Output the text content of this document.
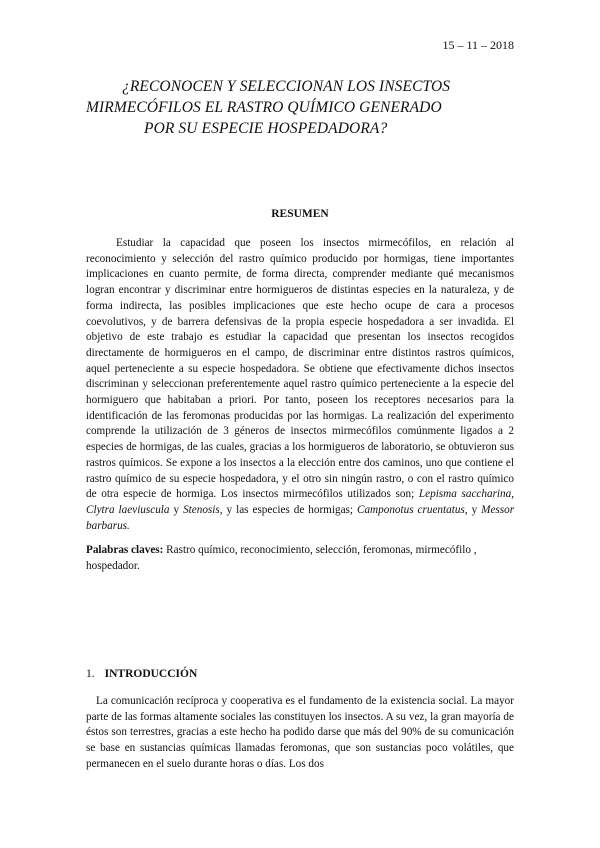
15 – 11 – 2018
¿RECONOCEN Y SELECCIONAN LOS INSECTOS
MIRMECÓFILOS EL RASTRO QUÍMICO GENERADO
POR SU ESPECIE HOSPEDADORA?
RESUMEN

Estudiar la capacidad que poseen los insectos mirmecófilos, en relación al reconocimiento y selección del rastro químico producido por hormigas, tiene importantes implicaciones en cuanto permite, de forma directa, comprender mediante qué mecanismos logran encontrar y discriminar entre hormigueros de distintas especies en la naturaleza, y de forma indirecta, las posibles implicaciones que este hecho ocupe de cara a procesos coevolutivos, y de barrera defensivas de la propia especie hospedadora a ser invadida. El objetivo de este trabajo es estudiar la capacidad que presentan los insectos recogidos directamente de hormigueros en el campo, de discriminar entre distintos rastros químicos, aquel perteneciente a su especie hospedadora. Se obtiene que efectivamente dichos insectos discriminan y seleccionan preferentemente aquel rastro químico perteneciente a la especie del hormiguero que habitaban a priori. Por tanto, poseen los receptores necesarios para la identificación de las feromonas producidas por las hormigas. La realización del experimento comprende la utilización de 3 géneros de insectos mirmecófilos comúnmente ligados a 2 especies de hormigas, de las cuales, gracias a los hormigueros de laboratorio, se obtuvieron sus rastros químicos. Se expone a los insectos a la elección entre dos caminos, uno que contiene el rastro químico de su especie hospedadora, y el otro sin ningún rastro, o con el rastro químico de otra especie de hormiga. Los insectos mirmecófilos utilizados son; Lepisma saccharina, Clytra laeviuscula y Stenosis, y las especies de hormigas; Camponotus cruentatus, y Messor barbarus.

Palabras claves: Rastro químico, reconocimiento, selección, feromonas, mirmecófilo , hospedador.

1. INTRODUCCIÓN

La comunicación recíproca y cooperativa es el fundamento de la existencia social. La mayor parte de las formas altamente sociales las constituyen los insectos. A su vez, la gran mayoría de éstos son terrestres, gracias a este hecho ha podido darse que más del 90% de su comunicación se base en sustancias químicas llamadas feromonas, que son sustancias poco volátiles, que permanecen en el suelo durante horas o días. Los dos
